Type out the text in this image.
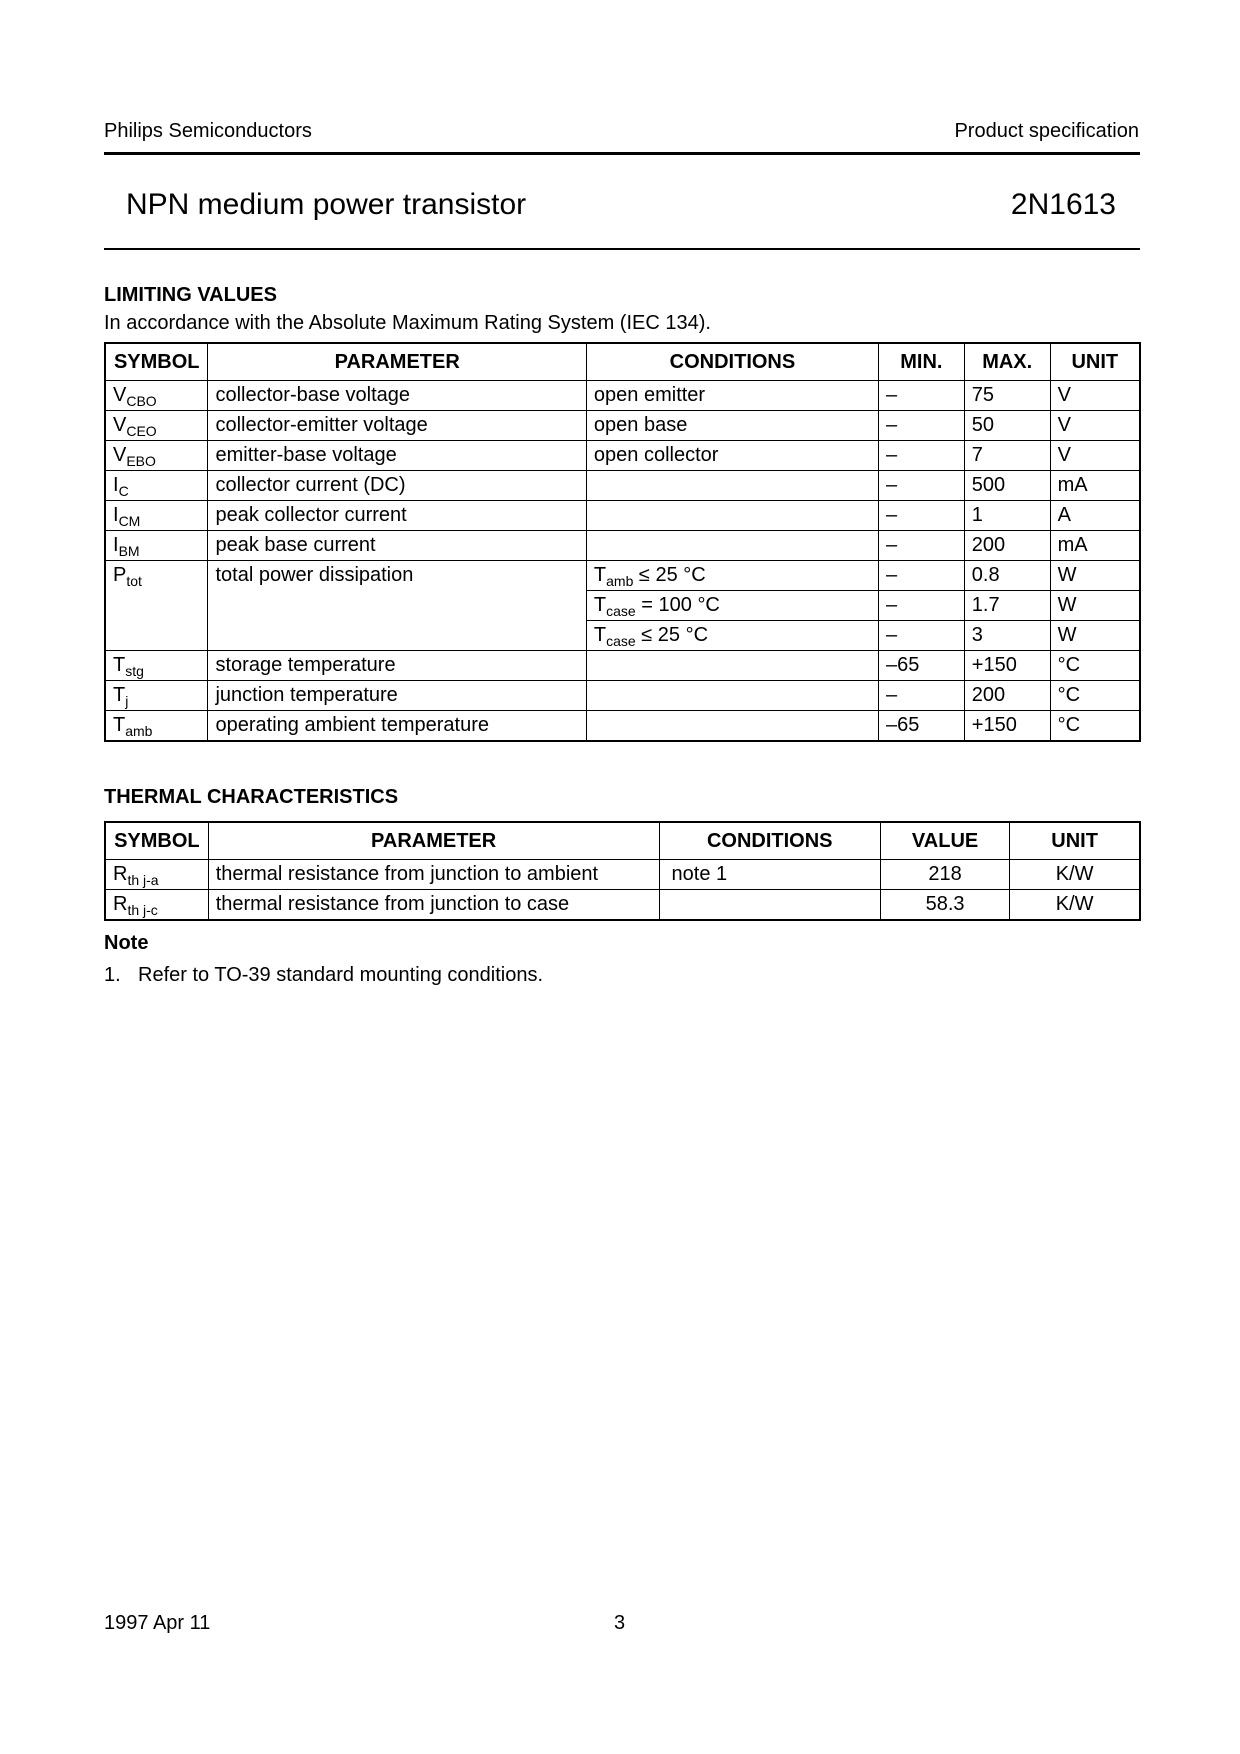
Philips Semiconductors	Product specification
NPN medium power transistor	2N1613
LIMITING VALUES
In accordance with the Absolute Maximum Rating System (IEC 134).
SYMBOL	PARAMETER	CONDITIONS	MIN.	MAX.	UNIT
$V_{CBO}$	collector-base voltage	open emitter	–	75	V
$V_{CEO}$	collector-emitter voltage	open base	–	50	V
$V_{EBO}$	emitter-base voltage	open collector	–	7	V
$I_C$	collector current (DC)		–	500	mA
$I_{CM}$	peak collector current		–	1	A
$I_{BM}$	peak base current		–	200	mA
$P_{tot}$	total power dissipation	$T_{amb} \le 25$ °C	–	0.8	W
		$T_{case} = 100$ °C	–	1.7	W
		$T_{case} \le 25$ °C	–	3	W
$T_{stg}$	storage temperature		–65	+150	°C
$T_j$	junction temperature		–	200	°C
$T_{amb}$	operating ambient temperature		–65	+150	°C
THERMAL CHARACTERISTICS
SYMBOL	PARAMETER	CONDITIONS	VALUE	UNIT
$R_{th j-a}$	thermal resistance from junction to ambient	note 1	218	K/W
$R_{th j-c}$	thermal resistance from junction to case		58.3	K/W
Note
1. Refer to TO-39 standard mounting conditions.
1997 Apr 11	3
